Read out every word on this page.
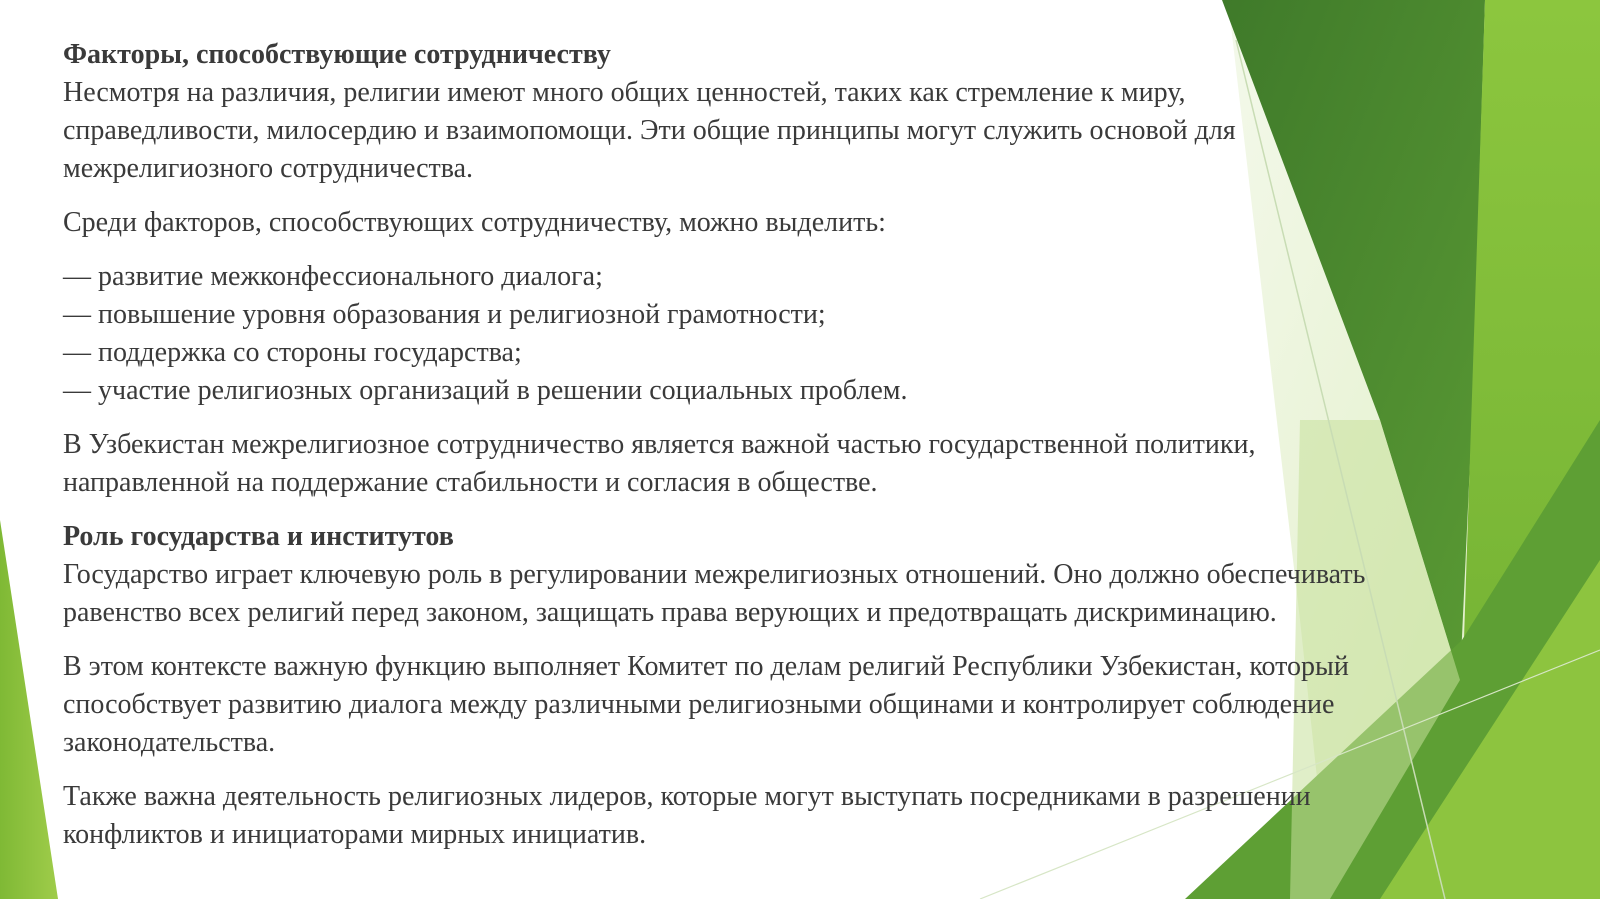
Факторы, способствующие сотрудничеству
Несмотря на различия, религии имеют много общих ценностей, таких как стремление к миру,
справедливости, милосердию и взаимопомощи. Эти общие принципы могут служить основой для
межрелигиозного сотрудничества.

Среди факторов, способствующих сотрудничеству, можно выделить:

— развитие межконфессионального диалога;
— повышение уровня образования и религиозной грамотности;
— поддержка со стороны государства;
— участие религиозных организаций в решении социальных проблем.

В Узбекистан межрелигиозное сотрудничество является важной частью государственной политики,
направленной на поддержание стабильности и согласия в обществе.

Роль государства и институтов
Государство играет ключевую роль в регулировании межрелигиозных отношений. Оно должно обеспечивать
равенство всех религий перед законом, защищать права верующих и предотвращать дискриминацию.

В этом контексте важную функцию выполняет Комитет по делам религий Республики Узбекистан, который
способствует развитию диалога между различными религиозными общинами и контролирует соблюдение
законодательства.

Также важна деятельность религиозных лидеров, которые могут выступать посредниками в разрешении
конфликтов и инициаторами мирных инициатив.
